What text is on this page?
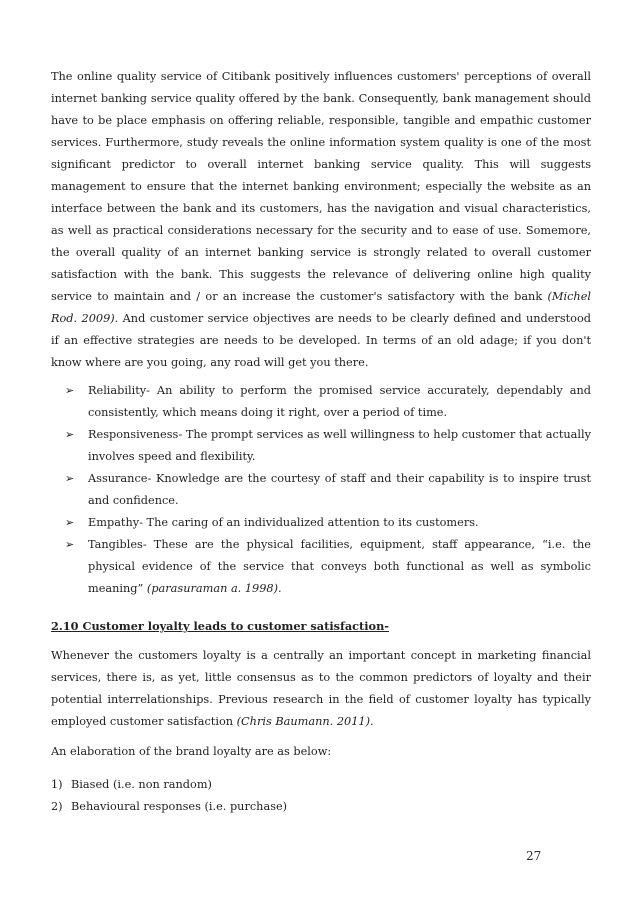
The online quality service of Citibank positively influences customers' perceptions of overall internet banking service quality offered by the bank. Consequently, bank management should have to be place emphasis on offering reliable, responsible, tangible and empathic customer services. Furthermore, study reveals the online information system quality is one of the most significant predictor to overall internet banking service quality. This will suggests management to ensure that the internet banking environment; especially the website as an interface between the bank and its customers, has the navigation and visual characteristics, as well as practical considerations necessary for the security and to ease of use. Somemore, the overall quality of an internet banking service is strongly related to overall customer satisfaction with the bank. This suggests the relevance of delivering online high quality service to maintain and / or an increase the customer's satisfactory with the bank (Michel Rod. 2009). And customer service objectives are needs to be clearly defined and understood if an effective strategies are needs to be developed. In terms of an old adage; if you don't know where are you going, any road will get you there.

➢ Reliability- An ability to perform the promised service accurately, dependably and consistently, which means doing it right, over a period of time.
➢ Responsiveness- The prompt services as well willingness to help customer that actually involves speed and flexibility.
➢ Assurance- Knowledge are the courtesy of staff and their capability is to inspire trust and confidence.
➢ Empathy- The caring of an individualized attention to its customers.
➢ Tangibles- These are the physical facilities, equipment, staff appearance, “i.e. the physical evidence of the service that conveys both functional as well as symbolic meaning” (parasuraman a. 1998).

2.10 Customer loyalty leads to customer satisfaction-

Whenever the customers loyalty is a centrally an important concept in marketing financial services, there is, as yet, little consensus as to the common predictors of loyalty and their potential interrelationships. Previous research in the field of customer loyalty has typically employed customer satisfaction (Chris Baumann. 2011).

An elaboration of the brand loyalty are as below:

1) Biased (i.e. non random)
2) Behavioural responses (i.e. purchase)
27
